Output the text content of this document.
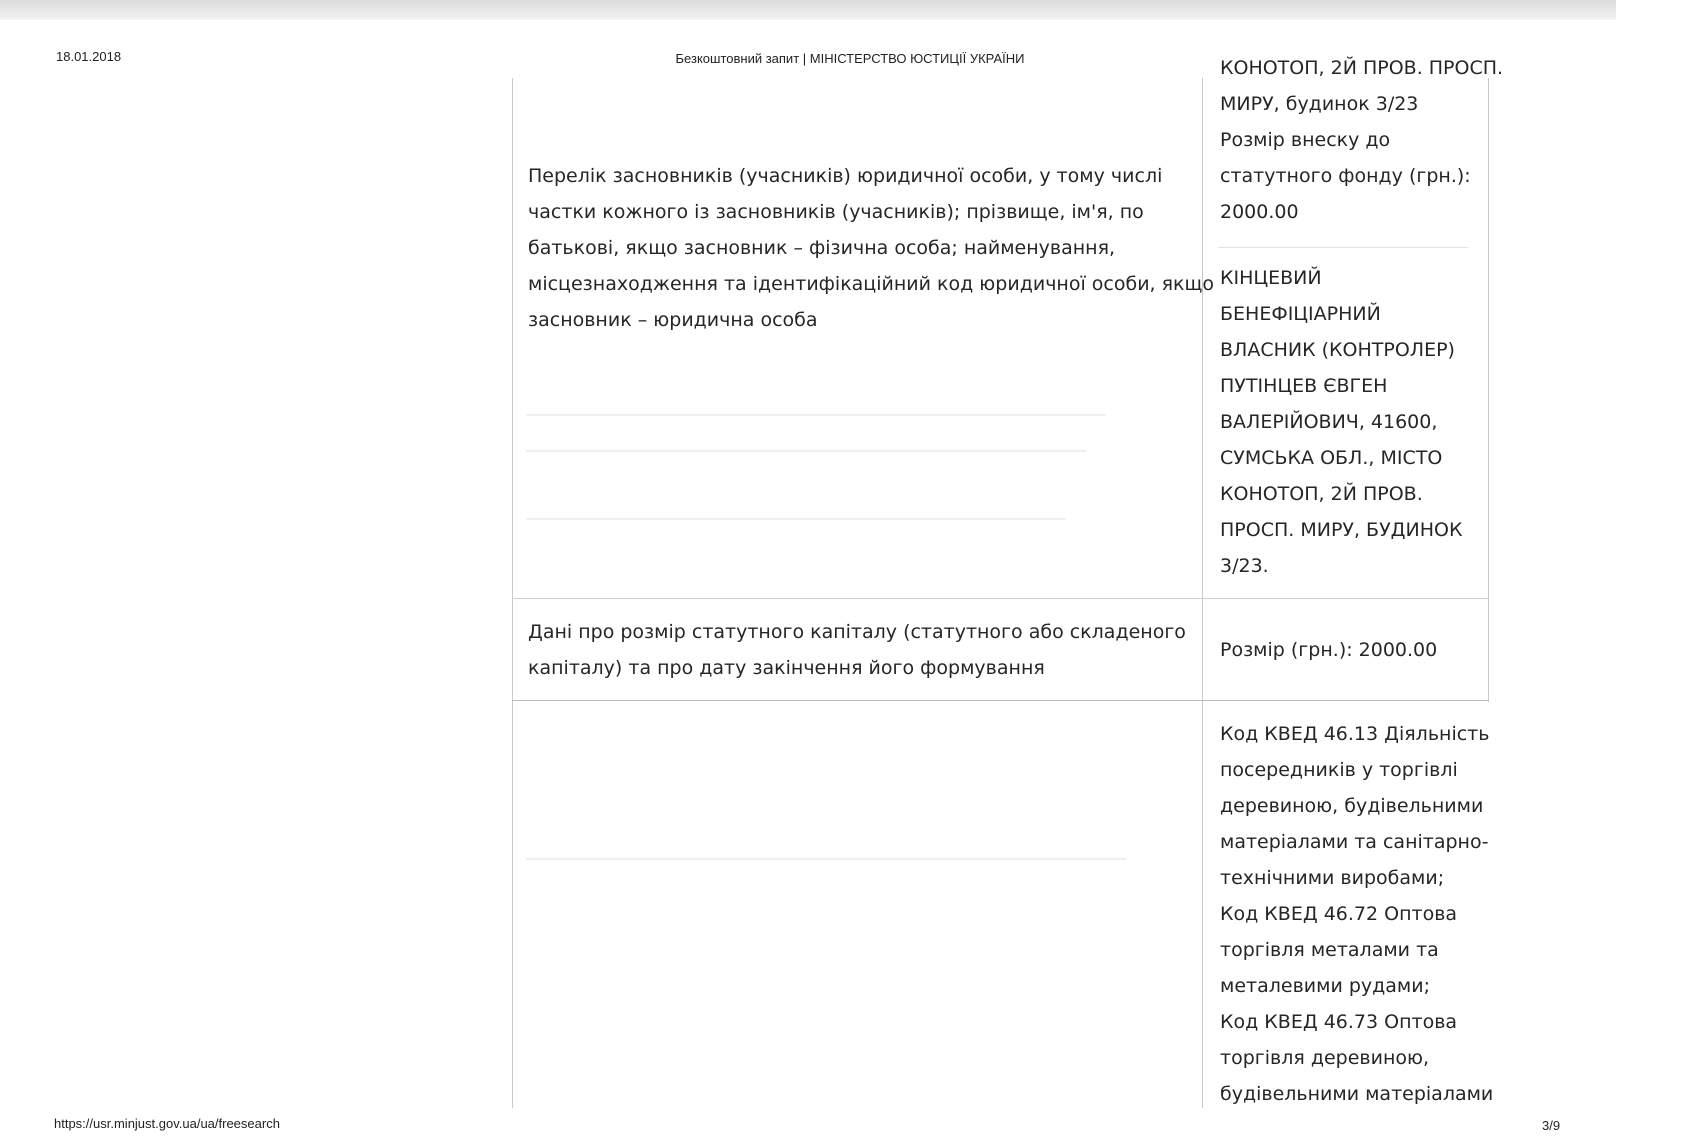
18.01.2018	Безкоштовний запит | МІНІСТЕРСТВО ЮСТИЦІЇ УКРАЇНИ
Перелік засновників (учасників) юридичної особи, у тому числі
частки кожного із засновників (учасників); прізвище, ім'я, по
батькові, якщо засновник – фізична особа; найменування,
місцезнаходження та ідентифікаційний код юридичної особи, якщо
засновник – юридична особа
КОНОТОП, 2Й ПРОВ. ПРОСП.
МИРУ, будинок 3/23
Розмір внеску до
статутного фонду (грн.):
2000.00
КІНЦЕВИЙ
БЕНЕФІЦІАРНИЙ
ВЛАСНИК (КОНТРОЛЕР)
ПУТІНЦЕВ ЄВГЕН
ВАЛЕРІЙОВИЧ, 41600,
СУМСЬКА ОБЛ., МІСТО
КОНОТОП, 2Й ПРОВ.
ПРОСП. МИРУ, БУДИНОК
3/23.
Дані про розмір статутного капіталу (статутного або складеного
капіталу) та про дату закінчення його формування
Розмір (грн.): 2000.00
Код КВЕД 46.13 Діяльність
посередників у торгівлі
деревиною, будівельними
матеріалами та санітарно-
технічними виробами;
Код КВЕД 46.72 Оптова
торгівля металами та
металевими рудами;
Код КВЕД 46.73 Оптова
торгівля деревиною,
будівельними матеріалами
https://usr.minjust.gov.ua/ua/freesearch	3/9
